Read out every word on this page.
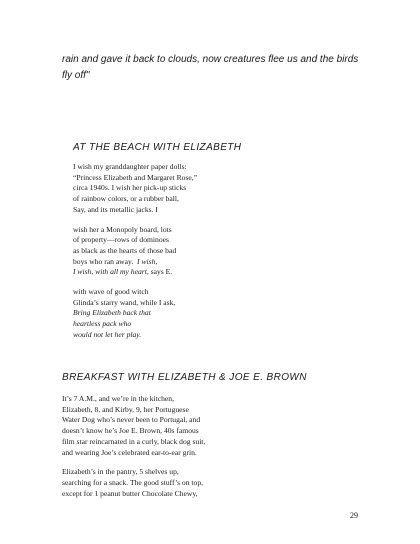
rain and gave it back to clouds, now creatures flee us and the birds
fly off"
AT THE BEACH WITH ELIZABETH
I wish my granddaughter paper dolls:
“Princess Elizabeth and Margaret Rose,”
circa 1940s. I wish her pick-up sticks
of rainbow colors, or a rubber ball,
Say, and its metallic jacks. I
wish her a Monopoly board, lots
of property—rows of dominoes
as black as the hearts of those bad
boys who ran away. I wish,
I wish, with all my heart, says E.
with wave of good witch
Glinda’s starry wand, while I ask,
Bring Elizabeth back that
heartless pack who
would not let her play.
BREAKFAST WITH ELIZABETH & JOE E. BROWN
It’s 7 A.M., and we’re in the kitchen,
Elizabeth, 8, and Kirby, 9, her Portuguese
Water Dog who’s never been to Portugal, and
doesn’t know he’s Joe E. Brown, 40s famous
film star reincarnated in a curly, black dog suit,
and wearing Joe’s celebrated ear-to-ear grin.
Elizabeth’s in the pantry, 5 shelves up,
searching for a snack. The good stuff’s on top,
except for 1 peanut butter Chocolate Chewy,
29
